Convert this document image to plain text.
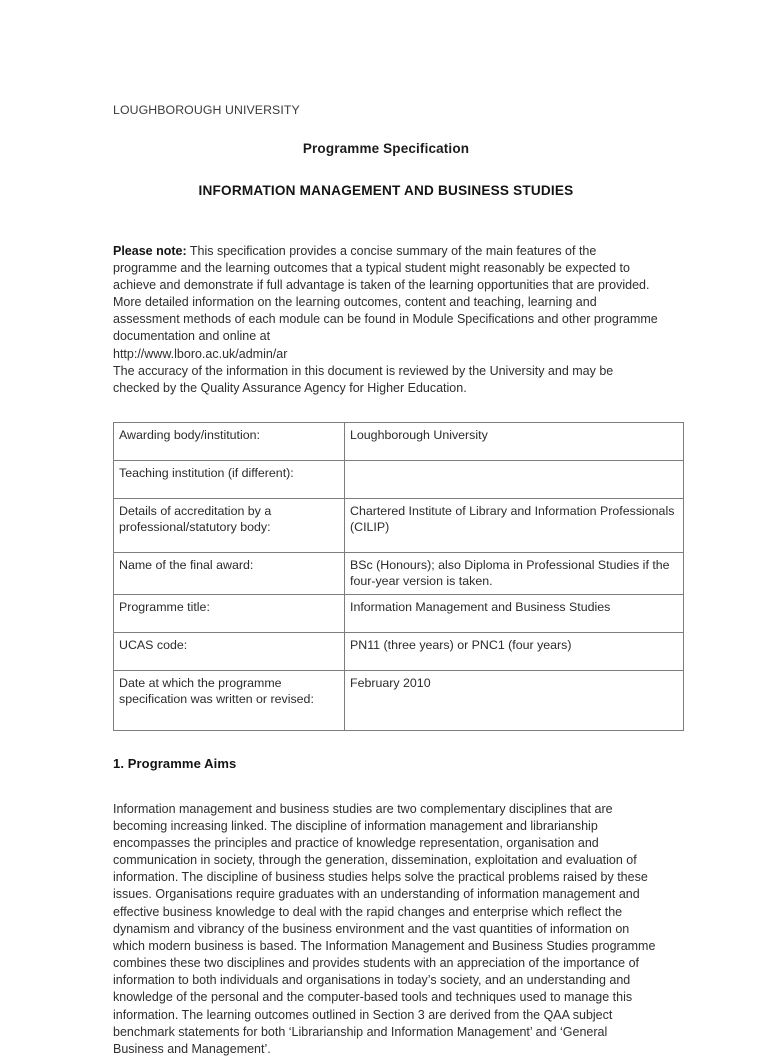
LOUGHBOROUGH UNIVERSITY
Programme Specification
INFORMATION MANAGEMENT AND BUSINESS STUDIES

Please note: This specification provides a concise summary of the main features of the programme and the learning outcomes that a typical student might reasonably be expected to achieve and demonstrate if full advantage is taken of the learning opportunities that are provided. More detailed information on the learning outcomes, content and teaching, learning and assessment methods of each module can be found in Module Specifications and other programme documentation and online at

http://www.lboro.ac.uk/admin/ar

The accuracy of the information in this document is reviewed by the University and may be checked by the Quality Assurance Agency for Higher Education.

Awarding body/institution:	Loughborough University
Teaching institution (if different):	
Details of accreditation by a professional/statutory body:	Chartered Institute of Library and Information Professionals (CILIP)
Name of the final award:	BSc (Honours); also Diploma in Professional Studies if the four-year version is taken.
Programme title:	Information Management and Business Studies
UCAS code:	PN11 (three years) or PNC1 (four years)
Date at which the programme specification was written or revised:	February 2010
1. Programme Aims
Information management and business studies are two complementary disciplines that are becoming increasing linked. The discipline of information management and librarianship encompasses the principles and practice of knowledge representation, organisation and communication in society, through the generation, dissemination, exploitation and evaluation of information. The discipline of business studies helps solve the practical problems raised by these issues. Organisations require graduates with an understanding of information management and effective business knowledge to deal with the rapid changes and enterprise which reflect the dynamism and vibrancy of the business environment and the vast quantities of information on which modern business is based. The Information Management and Business Studies programme combines these two disciplines and provides students with an appreciation of the importance of information to both individuals and organisations in today’s society, and an understanding and knowledge of the personal and the computer-based tools and techniques used to manage this information. The learning outcomes outlined in Section 3 are derived from the QAA subject benchmark statements for both ‘Librarianship and Information Management’ and ‘General Business and Management’.
